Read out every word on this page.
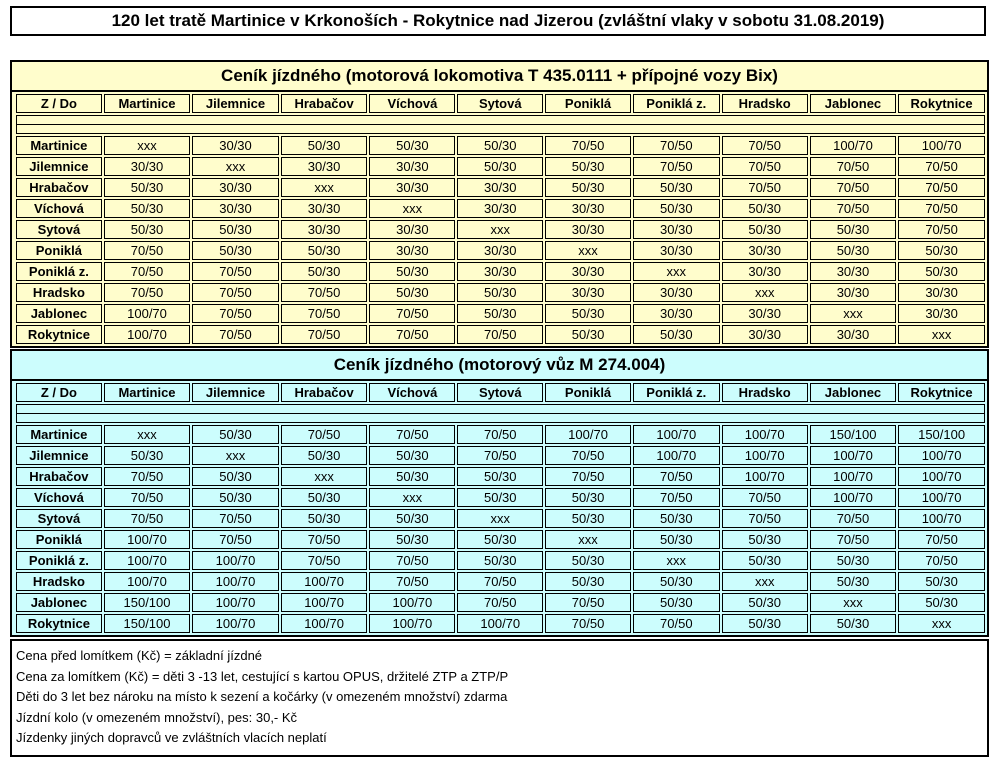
120 let tratě Martinice v Krkonoších - Rokytnice nad Jizerou (zvláštní vlaky v sobotu 31.08.2019)
Ceník jízdného (motorová lokomotiva T 435.0111 + přípojné vozy Bix)
Z / Do	Martinice	Jilemnice	Hrabačov	Víchová	Sytová	Poniklá	Poniklá z.	Hradsko	Jablonec	Rokytnice

Martinice	xxx	30/30	50/30	50/30	50/30	70/50	70/50	70/50	100/70	100/70
Jilemnice	30/30	xxx	30/30	30/30	50/30	50/30	70/50	70/50	70/50	70/50
Hrabačov	50/30	30/30	xxx	30/30	30/30	50/30	50/30	70/50	70/50	70/50
Víchová	50/30	30/30	30/30	xxx	30/30	30/30	50/30	50/30	70/50	70/50
Sytová	50/30	50/30	30/30	30/30	xxx	30/30	30/30	50/30	50/30	70/50
Poniklá	70/50	50/30	50/30	30/30	30/30	xxx	30/30	30/30	50/30	50/30
Poniklá z.	70/50	70/50	50/30	50/30	30/30	30/30	xxx	30/30	30/30	50/30
Hradsko	70/50	70/50	70/50	50/30	50/30	30/30	30/30	xxx	30/30	30/30
Jablonec	100/70	70/50	70/50	70/50	50/30	50/30	30/30	30/30	xxx	30/30
Rokytnice	100/70	70/50	70/50	70/50	70/50	50/30	50/30	30/30	30/30	xxx
Ceník jízdného (motorový vůz M 274.004)
Z / Do	Martinice	Jilemnice	Hrabačov	Víchová	Sytová	Poniklá	Poniklá z.	Hradsko	Jablonec	Rokytnice

Martinice	xxx	50/30	70/50	70/50	70/50	100/70	100/70	100/70	150/100	150/100
Jilemnice	50/30	xxx	50/30	50/30	70/50	70/50	100/70	100/70	100/70	100/70
Hrabačov	70/50	50/30	xxx	50/30	50/30	70/50	70/50	100/70	100/70	100/70
Víchová	70/50	50/30	50/30	xxx	50/30	50/30	70/50	70/50	100/70	100/70
Sytová	70/50	70/50	50/30	50/30	xxx	50/30	50/30	70/50	70/50	100/70
Poniklá	100/70	70/50	70/50	50/30	50/30	xxx	50/30	50/30	70/50	70/50
Poniklá z.	100/70	100/70	70/50	70/50	50/30	50/30	xxx	50/30	50/30	70/50
Hradsko	100/70	100/70	100/70	70/50	70/50	50/30	50/30	xxx	50/30	50/30
Jablonec	150/100	100/70	100/70	100/70	70/50	70/50	50/30	50/30	xxx	50/30
Rokytnice	150/100	100/70	100/70	100/70	100/70	70/50	70/50	50/30	50/30	xxx
Cena před lomítkem (Kč) = základní jízdné
Cena za lomítkem (Kč) = děti 3 -13 let, cestující s kartou OPUS, držitelé ZTP a ZTP/P
Děti do 3 let bez nároku na místo k sezení a kočárky (v omezeném množství) zdarma
Jízdní kolo (v omezeném množství), pes: 30,- Kč
Jízdenky jiných dopravců ve zvláštních vlacích neplatí
